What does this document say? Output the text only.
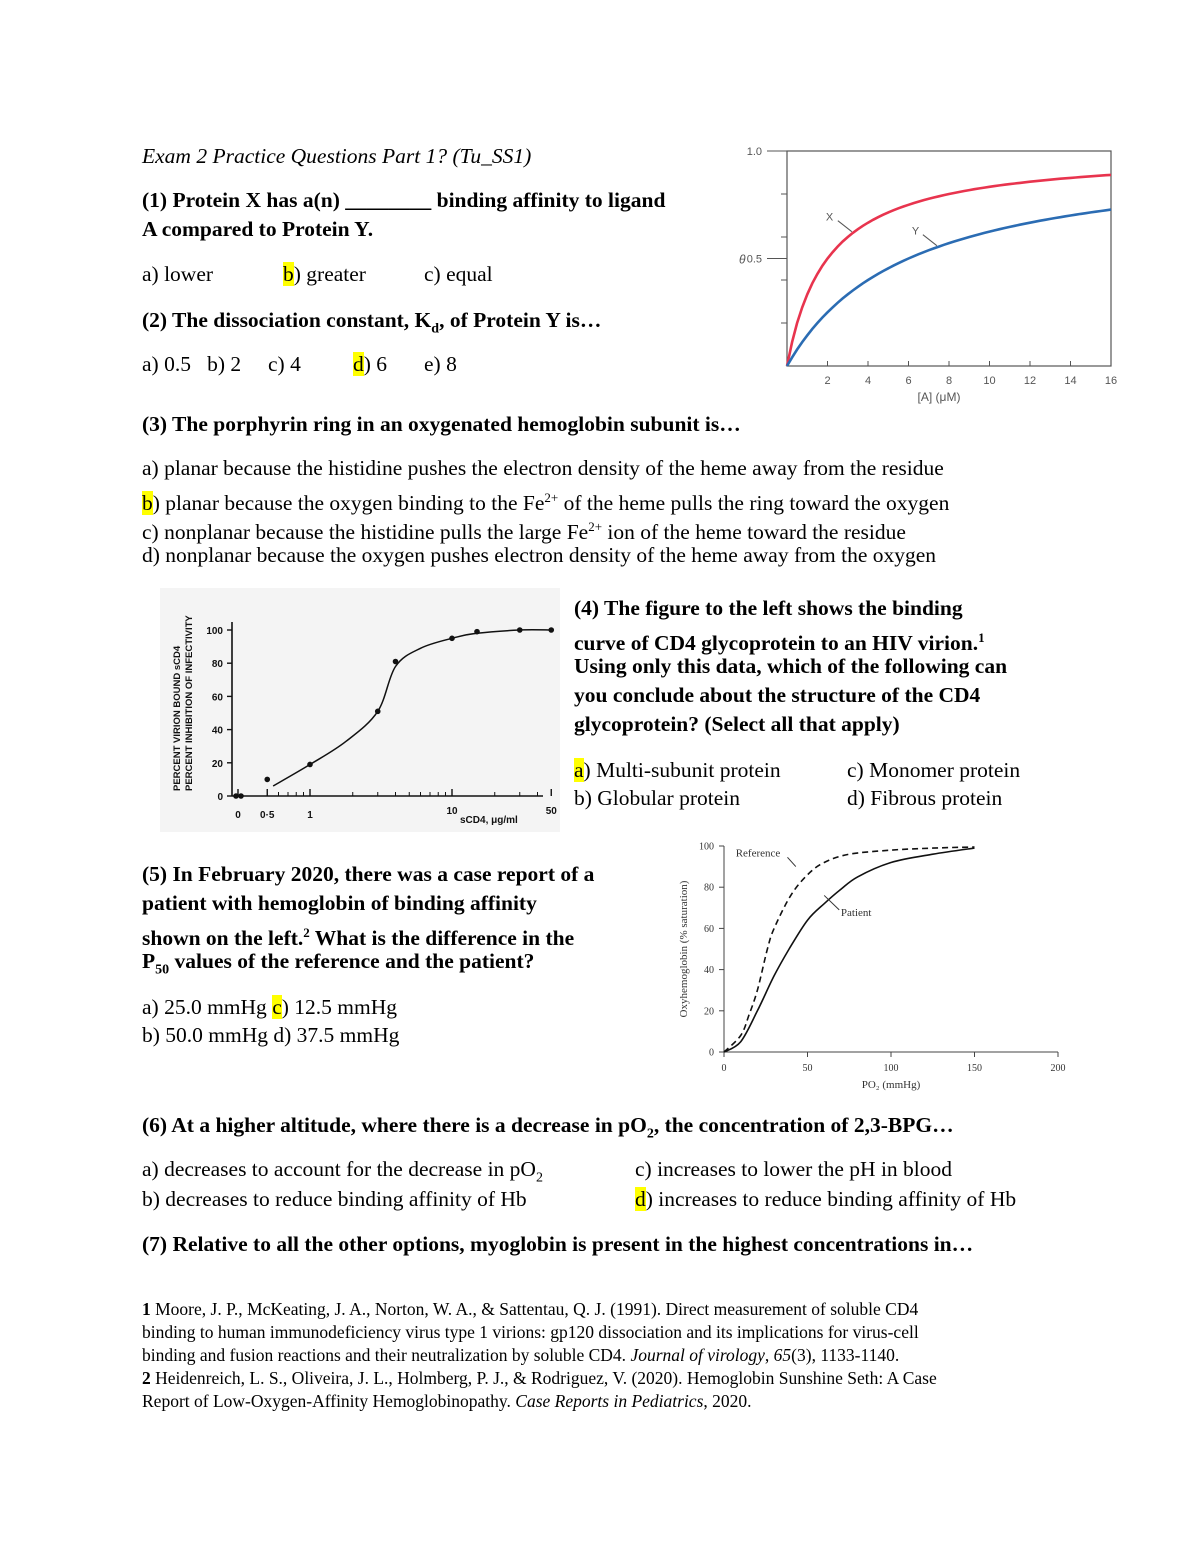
Exam 2 Practice Questions Part 1? (Tu_SS1)
(1) Protein X has a(n) ________ binding affinity to ligand
A compared to Protein Y.
a) lower	b) greater	c) equal
(2) The dissociation constant, $K_d$, of Protein Y is…
a) 0.5   b) 2     c) 4 d) 6 e) 8
0.5
1.0
θ
2	4	6	8	10	12	14	16
[A] (μM)
X
Y
(3) The porphyrin ring in an oxygenated hemoglobin subunit is…
a) planar because the histidine pushes the electron density of the heme away from the residue
b) planar because the oxygen binding to the $Fe^{2+}$ of the heme pulls the ring toward the oxygen
c) nonplanar because the histidine pulls the large $Fe^{2+}$ ion of the heme toward the residue
d) nonplanar because the oxygen pushes electron density of the heme away from the oxygen
0
20
40
60
80
100
PERCENT VIRION BOUND sCD4 PERCENT INHIBITION OF INFECTIVITY
0 0·5	1	10	50
sCD4, μg/ml
(4) The figure to the left shows the binding
curve of CD4 glycoprotein to an HIV virion.$^1$
Using only this data, which of the following can
you conclude about the structure of the CD4
glycoprotein? (Select all that apply)
a) Multi-subunit protein
b) Globular protein
c) Monomer protein
d) Fibrous protein
0
20
40
60
80
100
0	50	100	150	200
PO₂ (mmHg)
Oxyhemoglobin (% saturation)
Reference
Patient
(5) In February 2020, there was a case report of a
patient with hemoglobin of binding affinity
shown on the left.$^2$ What is the difference in the
$P_{50}$ values of the reference and the patient?
a) 25.0 mmHg c) 12.5 mmHg
b) 50.0 mmHg d) 37.5 mmHg
(6) At a higher altitude, where there is a decrease in $pO_2$, the concentration of 2,3-BPG…
a) decreases to account for the decrease in $pO_2$
b) decreases to reduce binding affinity of Hb
c) increases to lower the pH in blood
d) increases to reduce binding affinity of Hb
(7) Relative to all the other options, myoglobin is present in the highest concentrations in…
1 Moore, J. P., McKeating, J. A., Norton, W. A., & Sattentau, Q. J. (1991). Direct measurement of soluble CD4
binding to human immunodeficiency virus type 1 virions: gp120 dissociation and its implications for virus-cell
binding and fusion reactions and their neutralization by soluble CD4. Journal of virology, 65(3), 1133-1140.
2 Heidenreich, L. S., Oliveira, J. L., Holmberg, P. J., & Rodriguez, V. (2020). Hemoglobin Sunshine Seth: A Case
Report of Low-Oxygen-Affinity Hemoglobinopathy. Case Reports in Pediatrics, 2020.
